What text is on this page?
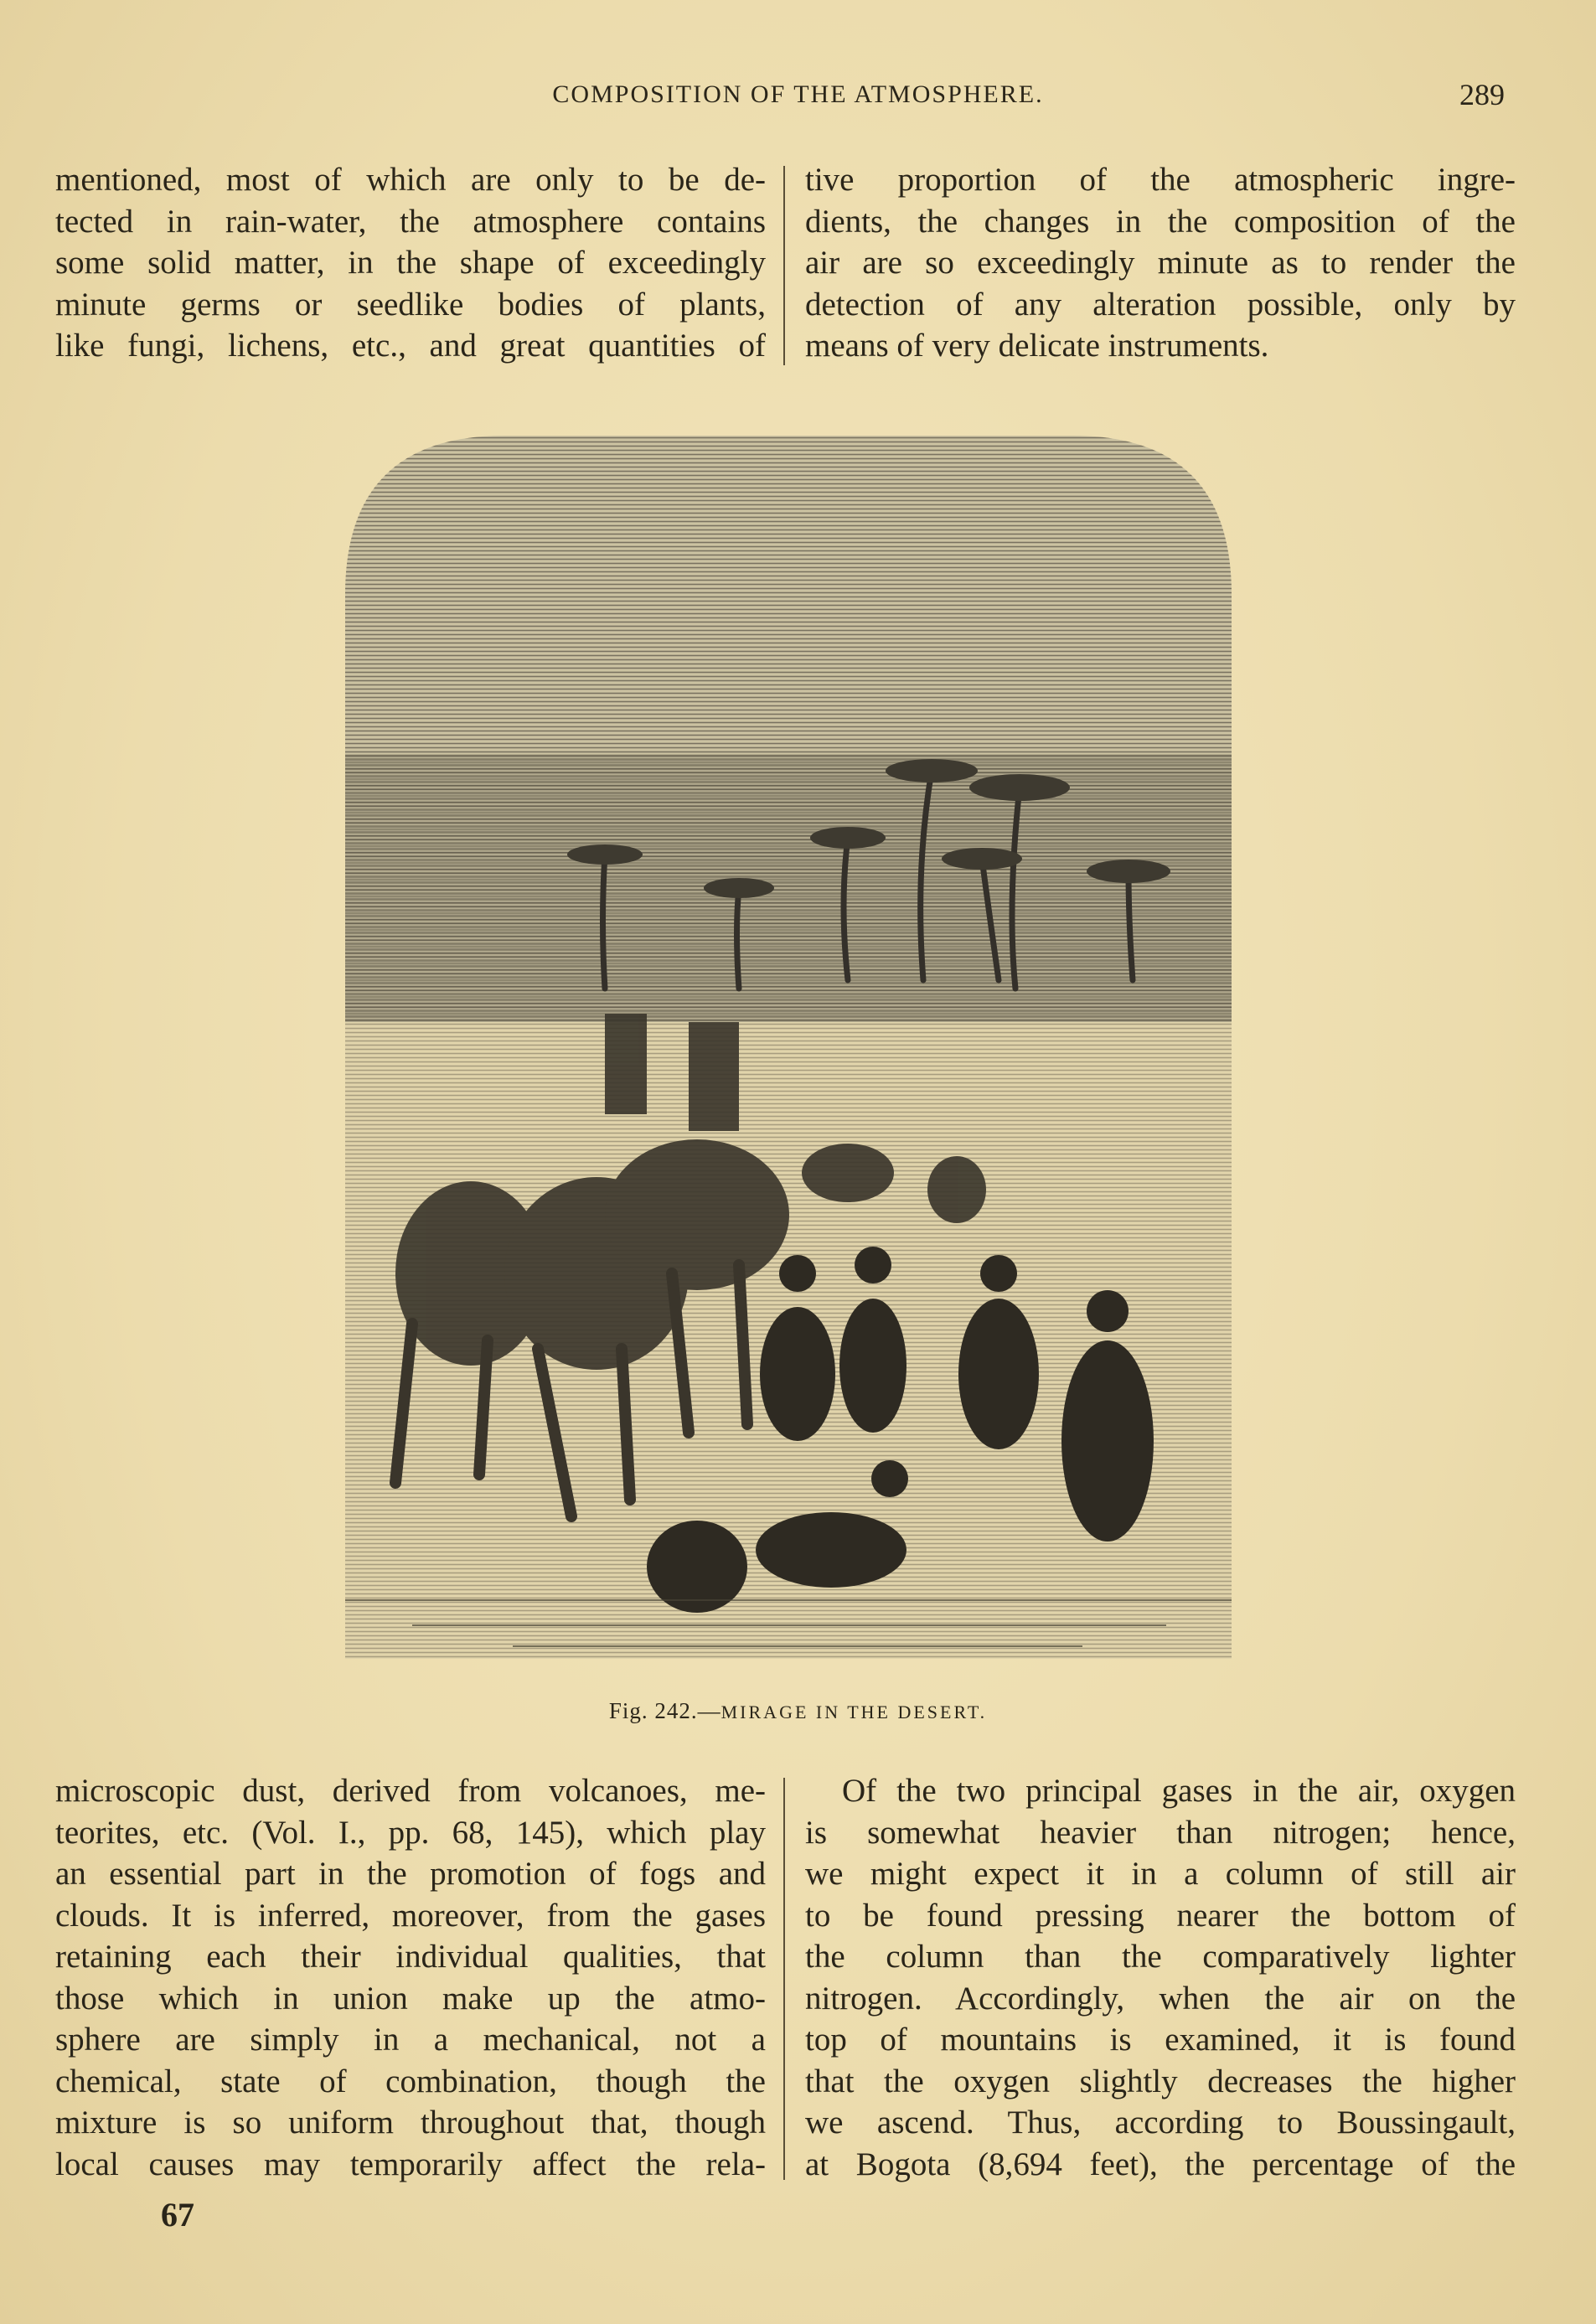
COMPOSITION OF THE ATMOSPHERE.	289
mentioned, most of which are only to be de-
tected in rain-water, the atmosphere contains
some solid matter, in the shape of exceedingly
minute germs or seedlike bodies of plants,
like fungi, lichens, etc., and great quantities of
tive proportion of the atmospheric ingre-
dients, the changes in the composition of the
air are so exceedingly minute as to render the
detection of any alteration possible, only by
means of very delicate instruments.
Fig. 242.—MIRAGE IN THE DESERT.
microscopic dust, derived from volcanoes, me-
teorites, etc. (Vol. I., pp. 68, 145), which play
an essential part in the promotion of fogs and
clouds. It is inferred, moreover, from the gases
retaining each their individual qualities, that
those which in union make up the atmo-
sphere are simply in a mechanical, not a
chemical, state of combination, though the
mixture is so uniform throughout that, though
local causes may temporarily affect the rela-
Of the two principal gases in the air, oxygen
is somewhat heavier than nitrogen; hence,
we might expect it in a column of still air
to be found pressing nearer the bottom of
the column than the comparatively lighter
nitrogen. Accordingly, when the air on the
top of mountains is examined, it is found
that the oxygen slightly decreases the higher
we ascend. Thus, according to Boussingault,
at Bogota (8,694 feet), the percentage of the
67
